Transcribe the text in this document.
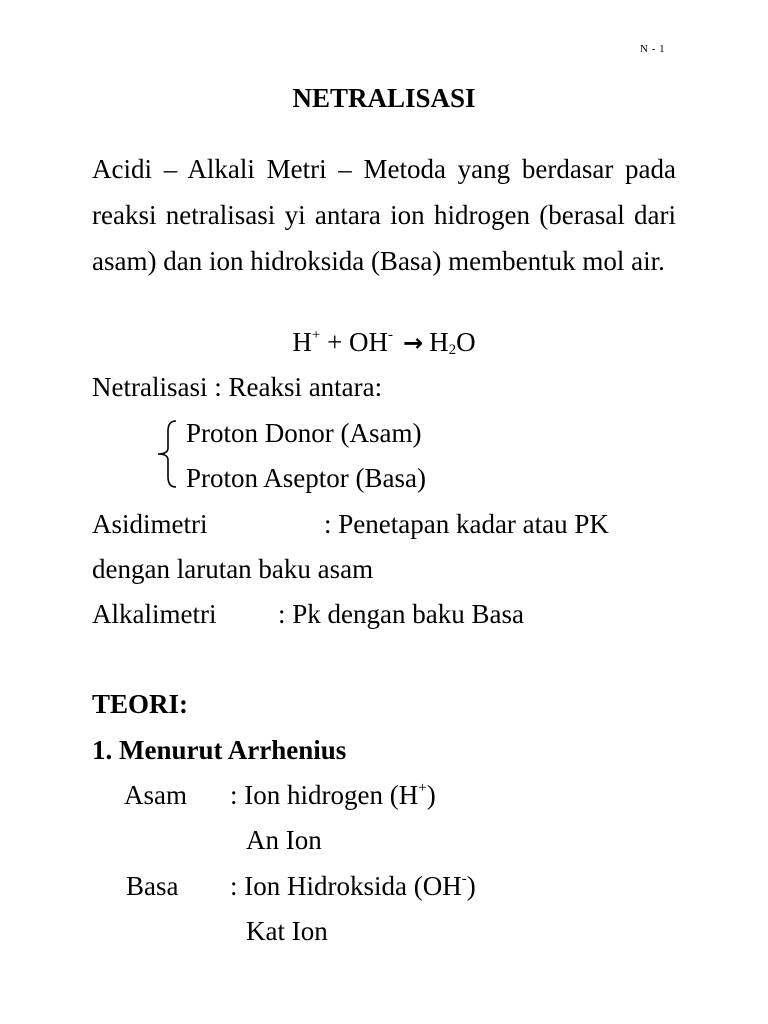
N - 1
NETRALISASI

Acidi – Alkali Metri – Metoda yang berdasar pada reaksi netralisasi yi antara ion hidrogen (berasal dari asam) dan ion hidroksida (Basa) membentuk mol air.

$H^+ + OH^- \to H_2O$
Netralisasi : Reaksi antara:
Proton Donor (Asam)
Proton Aseptor (Basa)
Asidimetri	: Penetapan kadar atau PK
dengan larutan baku asam
Alkalimetri : Pk dengan baku Basa
TEORI:
1. Menurut Arrhenius
Asam : Ion hidrogen (H+)
An Ion
Basa : Ion Hidroksida (OH-)
Kat Ion
